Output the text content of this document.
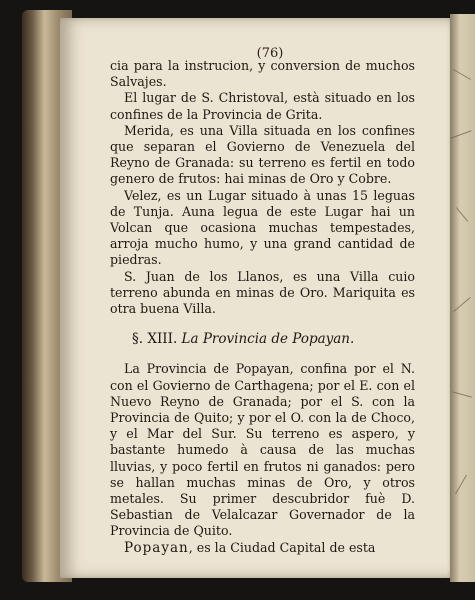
(76)

cia para la instrucion, y conversion de muchos Salvajes.

El lugar de S. Christoval, està situado en los confines de la Provincia de Grita.

Merida, es una Villa situada en los confines que separan el Govierno de Venezuela del Reyno de Granada: su terreno es fertil en todo genero de frutos: hai minas de Oro y Cobre.

Velez, es un Lugar situado à unas 15 leguas de Tunja. Auna legua de este Lugar hai un Volcan que ocasiona muchas tempestades, arroja mucho humo, y una grand cantidad de piedras.

S. Juan de los Llanos, es una Villa cuio terreno abunda en minas de Oro. Mariquita es otra buena Villa.

§. XIII. La Provincia de Popayan.

La Provincia de Popayan, confina por el N. con el Govierno de Carthagena; por el E. con el Nuevo Reyno de Granada; por el S. con la Provincia de Quito; y por el O. con la de Choco, y el Mar del Sur. Su terreno es aspero, y bastante humedo à causa de las muchas lluvias, y poco fertil en frutos ni ganados: pero se hallan muchas minas de Oro, y otros metales. Su primer descubridor fuè D. Sebastian de Velalcazar Governador de la Provincia de Quito.

Popayan, es la Ciudad Capital de esta
